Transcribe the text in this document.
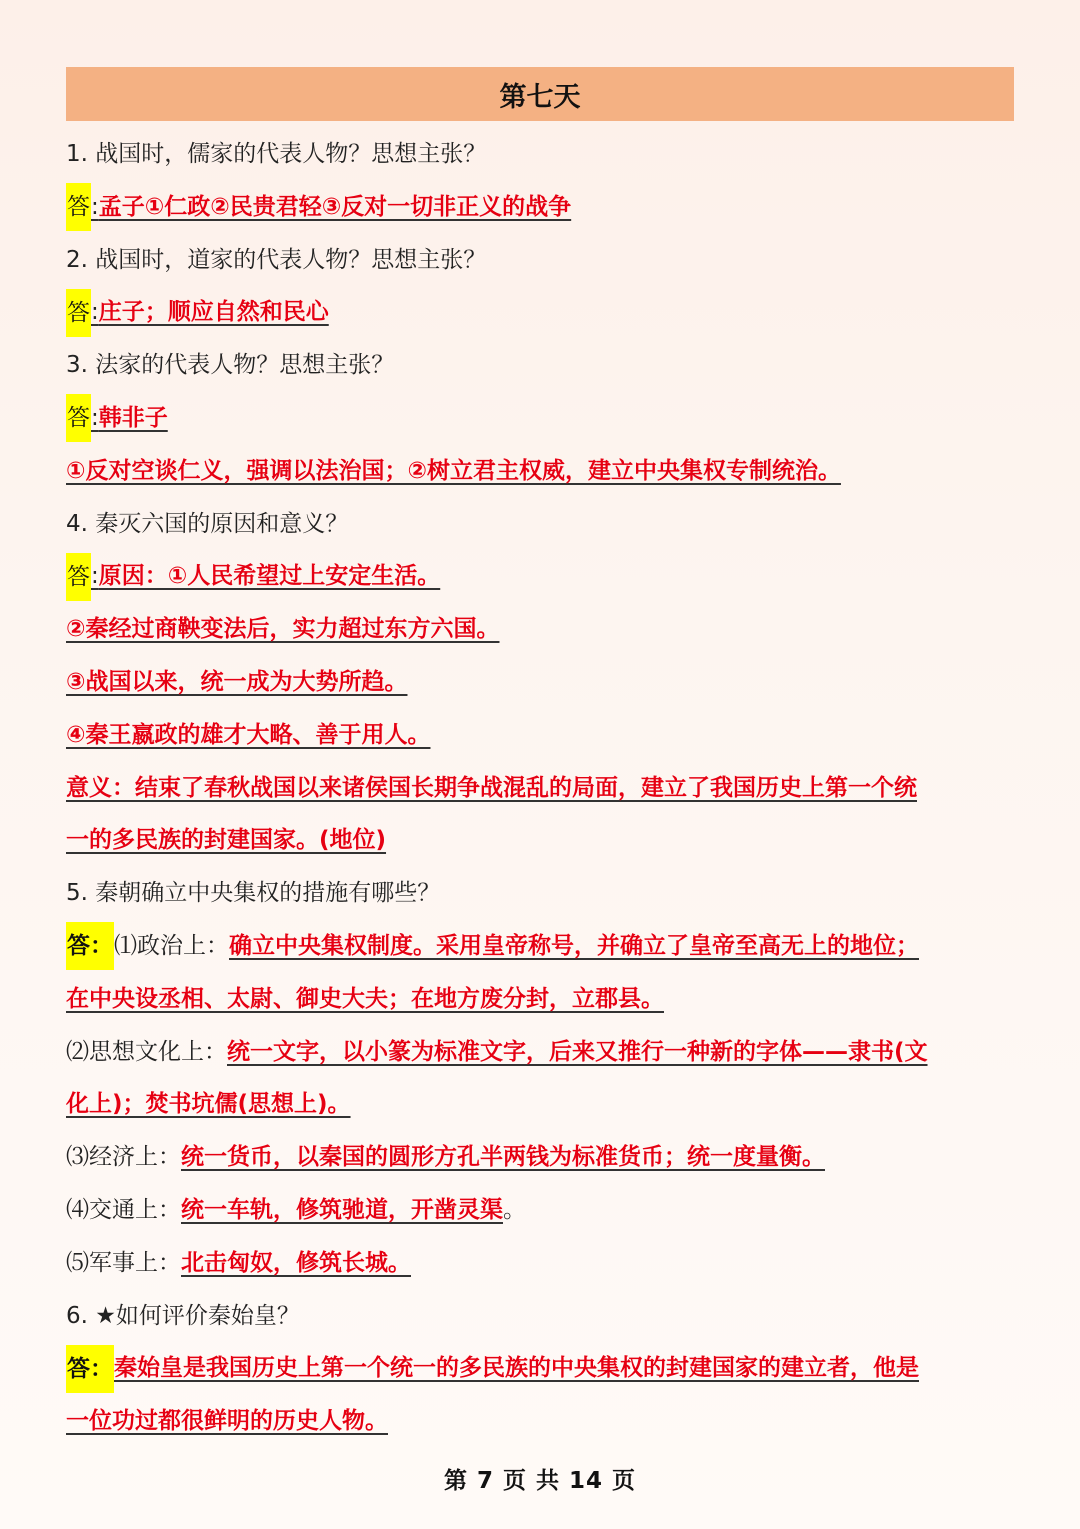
第七天
1. 战国时，儒家的代表人物？思想主张？
答:孟子①仁政②民贵君轻③反对一切非正义的战争
2. 战国时，道家的代表人物？思想主张？
答:庄子；顺应自然和民心
3. 法家的代表人物？思想主张？
答:韩非子
①反对空谈仁义，强调以法治国；②树立君主权威，建立中央集权专制统治。
4. 秦灭六国的原因和意义？
答:原因：①人民希望过上安定生活。
②秦经过商鞅变法后，实力超过东方六国。
③战国以来，统一成为大势所趋。
④秦王嬴政的雄才大略、善于用人。
意义：结束了春秋战国以来诸侯国长期争战混乱的局面，建立了我国历史上第一个统
一的多民族的封建国家。(地位)
5. 秦朝确立中央集权的措施有哪些？
答：⑴政治上：确立中央集权制度。采用皇帝称号，并确立了皇帝至高无上的地位；
在中央设丞相、太尉、御史大夫；在地方废分封，立郡县。
⑵思想文化上：统一文字，以小篆为标准文字，后来又推行一种新的字体——隶书(文
化上)；焚书坑儒(思想上)。
⑶经济上：统一货币，以秦国的圆形方孔半两钱为标准货币；统一度量衡。
⑷交通上：统一车轨，修筑驰道，开凿灵渠。
⑸军事上：北击匈奴，修筑长城。
6. ★如何评价秦始皇？
答：秦始皇是我国历史上第一个统一的多民族的中央集权的封建国家的建立者，他是
一位功过都很鲜明的历史人物。
第 7 页 共 14 页
